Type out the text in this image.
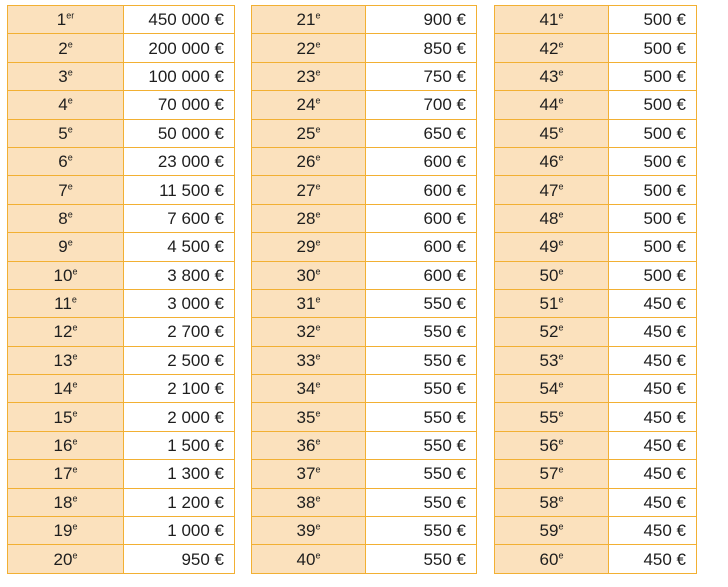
1er	450 000 €
2e	200 000 €
3e	100 000 €
4e	70 000 €
5e	50 000 €
6e	23 000 €
7e	11 500 €
8e	7 600 €
9e	4 500 €
10e	3 800 €
11e	3 000 €
12e	2 700 €
13e	2 500 €
14e	2 100 €
15e	2 000 €
16e	1 500 €
17e	1 300 €
18e	1 200 €
19e	1 000 €
20e	950 €
21e	900 €
22e	850 €
23e	750 €
24e	700 €
25e	650 €
26e	600 €
27e	600 €
28e	600 €
29e	600 €
30e	600 €
31e	550 €
32e	550 €
33e	550 €
34e	550 €
35e	550 €
36e	550 €
37e	550 €
38e	550 €
39e	550 €
40e	550 €
41e	500 €
42e	500 €
43e	500 €
44e	500 €
45e	500 €
46e	500 €
47e	500 €
48e	500 €
49e	500 €
50e	500 €
51e	450 €
52e	450 €
53e	450 €
54e	450 €
55e	450 €
56e	450 €
57e	450 €
58e	450 €
59e	450 €
60e	450 €
